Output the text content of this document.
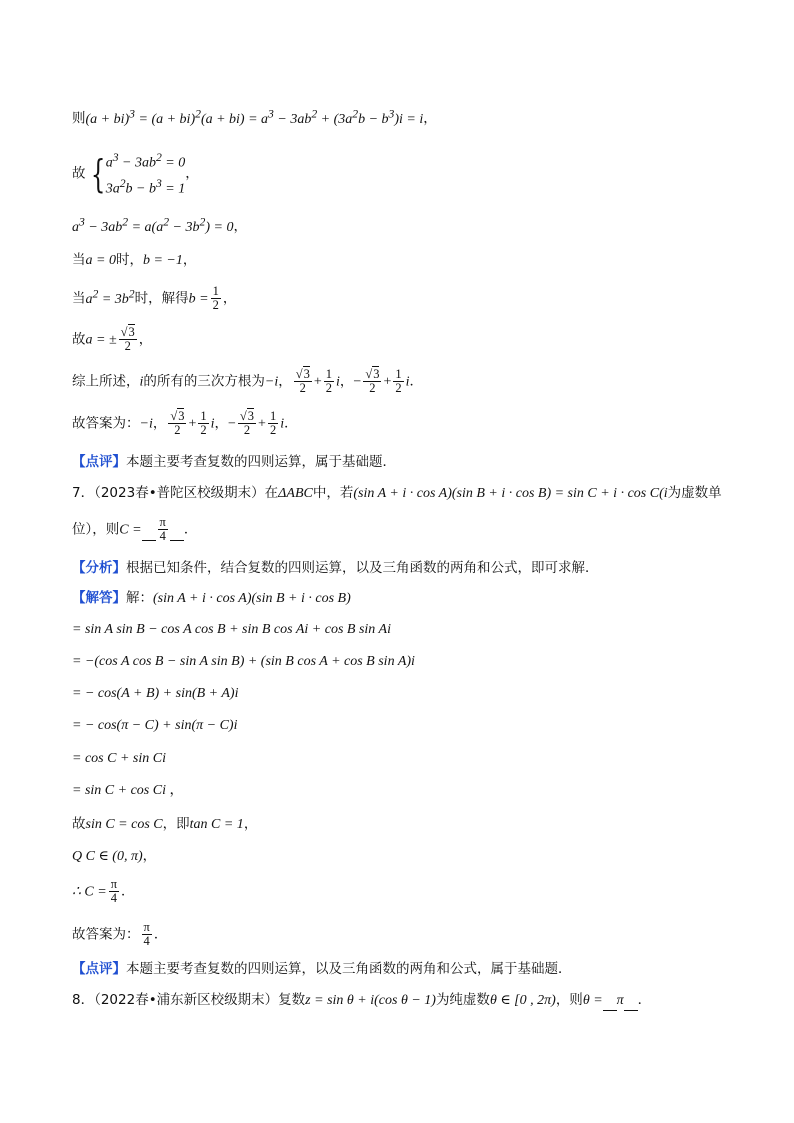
则$(a + bi)^3 = (a + bi)^2(a + bi) = a^3 - 3ab^2 + (3a^2b - b^3)i = i$，
故 {$a^3 - 3ab^2 = 0$
$3a^2b - b^3 = 1$，
$a^3 - 3ab^2 = a(a^2 - 3b^2) = 0$，
当a = 0时，b = −1，
当$a^2 = 3b^2$时，解得$b = \frac{1}{2}$ ，
故a = ± $\frac{√3}{2}$ ，
综上所述，i的所有的三次方根为−i， $\frac{√3}{2} + \frac{1}{2}$ i，− $\frac{√3}{2} + \frac{1}{2}$ i．
故答案为：−i， $\frac{√3}{2} + \frac{1}{2}$ i，− $\frac{√3}{2} + \frac{1}{2}$ i．
【点评】本题主要考查复数的四则运算，属于基础题．
7．（2023春•普陀区校级期末）在ΔABC中，若(sin A + i · cos A)(sin B + i · cos B) = sin C + i · cos C(i为虚数单
位），则$C = \frac{\pi}{4}$ ．
【分析】根据已知条件，结合复数的四则运算，以及三角函数的两角和公式，即可求解．
【解答】解：(sin A + i · cos A)(sin B + i · cos B)
= sin A sin B − cos A cos B + sin B cos Ai + cos B sin Ai
= −(cos A cos B − sin A sin B) + (sin B cos A + cos B sin A)i
= − cos(A + B) + sin(B + A)i
= − cos(π − C) + sin(π − C)i
= cos C + sin Ci
= sin C + cos Ci ，
故sin C = cos C，即tan C = 1，
Q C ∈ (0, π)，
∴ $C = \frac{\pi}{4}$ ．
故答案为： $\frac{\pi}{4}$ ．
【点评】本题主要考查复数的四则运算，以及三角函数的两角和公式，属于基础题．
8．（2022春•浦东新区校级期末）复数z = sin θ + i(cos θ − 1)为纯虚数θ ∈ [0 , 2π)，则θ = π ．
